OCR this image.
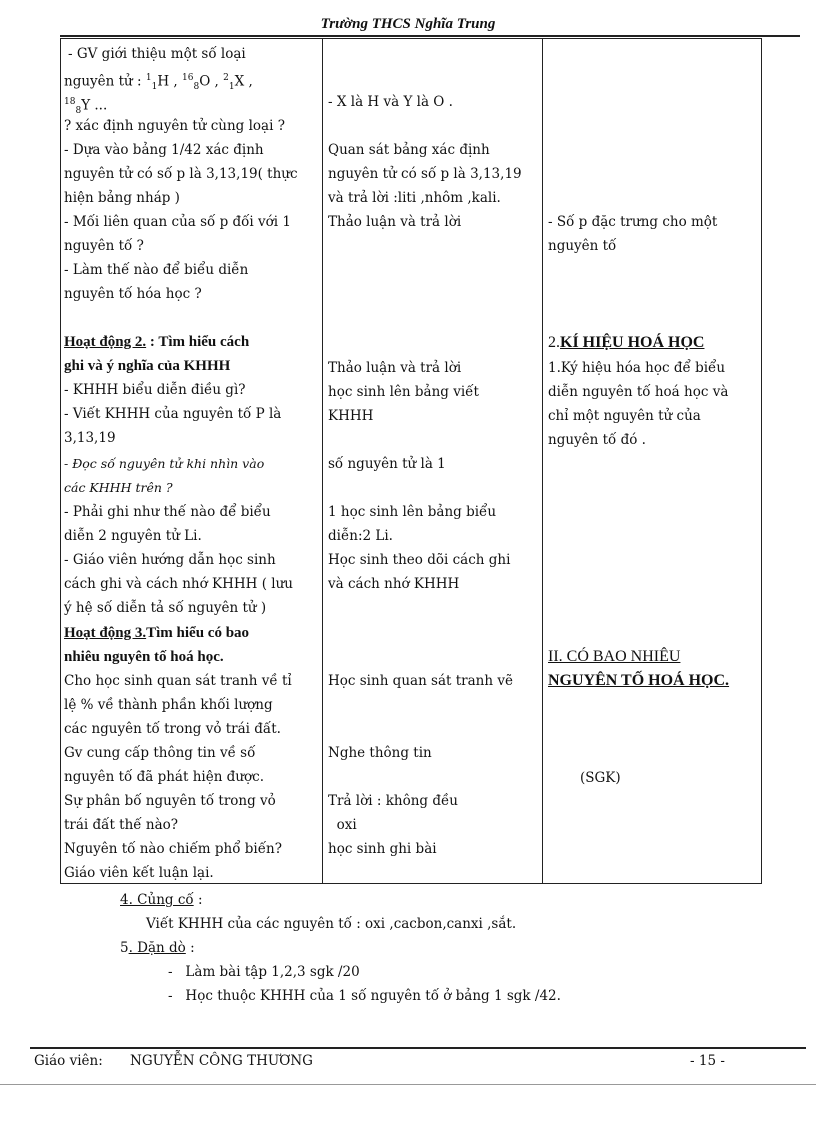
Trường THCS Nghĩa Trung
- GV giới thiệu một số loại
nguyên tử : $^1_1$H , $^{16}_8$O , $^2_1$X ,
$^{18}_8$Y ...
? xác định nguyên tử cùng loại ?
- Dựa vào bảng 1/42 xác định
nguyên tử có số p là 3,13,19( thực
hiện bảng nháp )
- Mối liên quan của số p đối với 1
nguyên tố ?
- Làm thế nào để biểu diễn
nguyên tố hóa học ?
Hoạt động 2. : Tìm hiểu cách
ghi và ý nghĩa của KHHH
- KHHH biểu diễn điều gì?
- Viết KHHH của nguyên tố P là
3,13,19
- Đọc số nguyên tử khi nhìn vào
các KHHH trên ?
- Phải ghi như thế nào để biểu
diễn 2 nguyên tử Li.
- Giáo viên hướng dẫn học sinh
cách ghi và cách nhớ KHHH ( lưu
ý hệ số diễn tả số nguyên tử )
Hoạt động 3.Tìm hiểu có bao
nhiêu nguyên tố hoá học.
Cho học sinh quan sát tranh về tỉ
lệ % về thành phần khối lượng
các nguyên tố trong vỏ trái đất.
Gv cung cấp thông tin về số
nguyên tố đã phát hiện được.
Sự phân bố nguyên tố trong vỏ
trái đất thế nào?
Nguyên tố nào chiếm phổ biến?
Giáo viên kết luận lại.
- X là H và Y là O .
Quan sát bảng xác định
nguyên tử có số p là 3,13,19
và trả lời :liti ,nhôm ,kali.
Thảo luận và trả lời
Thảo luận và trả lời
học sinh lên bảng viết
KHHH
số nguyên tử là 1
1 học sinh lên bảng biểu
diễn:2 Li.
Học sinh theo dõi cách ghi
và cách nhớ KHHH
Học sinh quan sát tranh vẽ
Nghe thông tin
Trả lời : không đều
oxi
học sinh ghi bài
- Số p đặc trưng cho một
nguyên tố
2.KÍ HIỆU HOÁ HỌC
1.Ký hiệu hóa học để biểu
diễn nguyên tố hoá học và
chỉ một nguyên tử của
nguyên tố đó .
II. CÓ BAO NHIÊU
NGUYÊN TỐ HOÁ HỌC.
(SGK)
4. Củng cố :
Viết KHHH của các nguyên tố : oxi ,cacbon,canxi ,sắt.
5. Dặn dò :
-   Làm bài tập 1,2,3 sgk /20
-   Học thuộc KHHH của 1 số nguyên tố ở bảng 1 sgk /42.
Giáo viên: NGUYỄN CÔNG THƯƠNG	- 15 -
